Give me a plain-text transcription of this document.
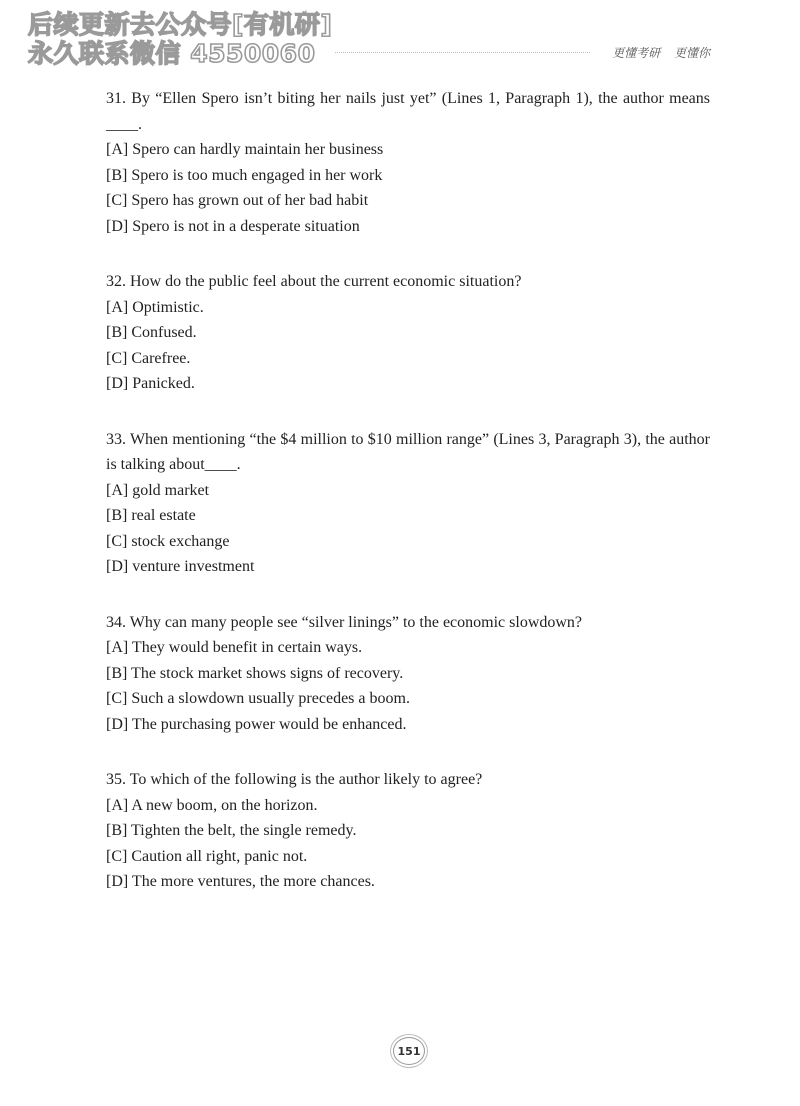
后续更新去公众号[有机研]
永久联系微信 4550060	更懂考研 更懂你
31. By “Ellen Spero isn’t biting her nails just yet” (Lines 1, Paragraph 1), the author means ____.
[A] Spero can hardly maintain her business
[B] Spero is too much engaged in her work
[C] Spero has grown out of her bad habit
[D] Spero is not in a desperate situation
32. How do the public feel about the current economic situation?
[A] Optimistic.
[B] Confused.
[C] Carefree.
[D] Panicked.
33. When mentioning “the $4 million to $10 million range” (Lines 3, Paragraph 3), the author is talking about____.
[A] gold market
[B] real estate
[C] stock exchange
[D] venture investment
34. Why can many people see “silver linings” to the economic slowdown?
[A] They would benefit in certain ways.
[B] The stock market shows signs of recovery.
[C] Such a slowdown usually precedes a boom.
[D] The purchasing power would be enhanced.
35. To which of the following is the author likely to agree?
[A] A new boom, on the horizon.
[B] Tighten the belt, the single remedy.
[C] Caution all right, panic not.
[D] The more ventures, the more chances.
151
